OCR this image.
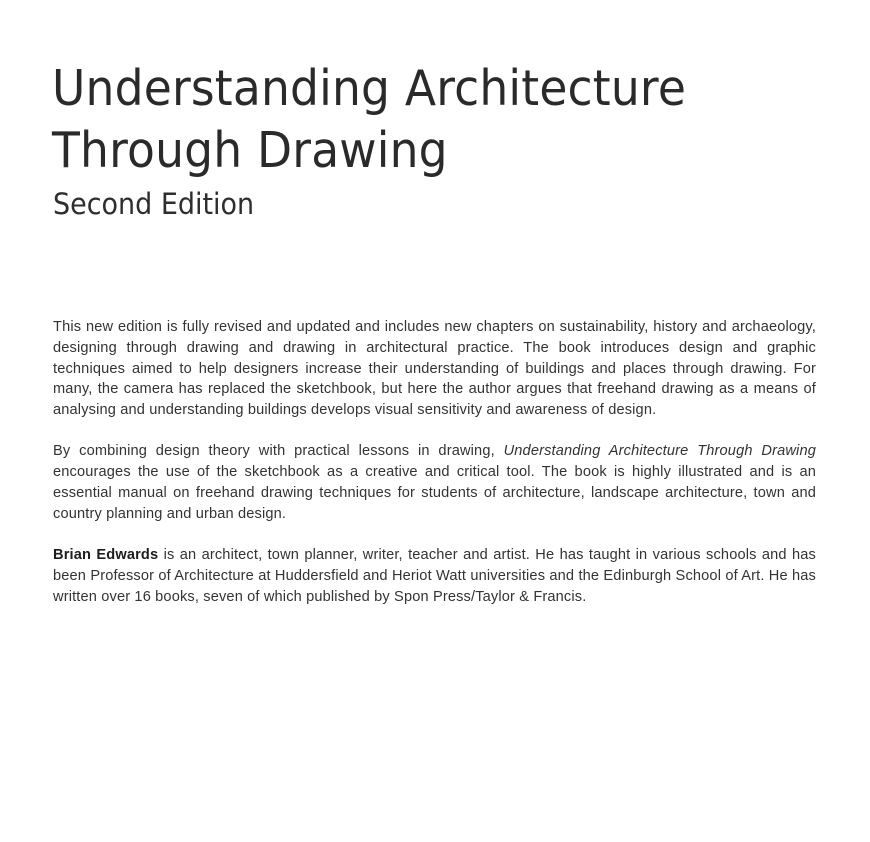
Understanding Architecture
Through Drawing
Second Edition

This new edition is fully revised and updated and includes new chapters on sustainability, history and archaeology, designing through drawing and drawing in architectural practice. The book introduces design and graphic techniques aimed to help designers increase their understanding of buildings and places through drawing. For many, the camera has replaced the sketchbook, but here the author argues that freehand drawing as a means of analysing and understanding buildings develops visual sensitivity and awareness of design.

By combining design theory with practical lessons in drawing, Understanding Architecture Through Drawing encourages the use of the sketchbook as a creative and critical tool. The book is highly illustrated and is an essential manual on freehand drawing techniques for students of architecture, landscape architecture, town and country planning and urban design.

Brian Edwards is an architect, town planner, writer, teacher and artist. He has taught in various schools and has been Professor of Architecture at Huddersfield and Heriot Watt universities and the Edinburgh School of Art. He has written over 16 books, seven of which published by Spon Press/Taylor & Francis.
